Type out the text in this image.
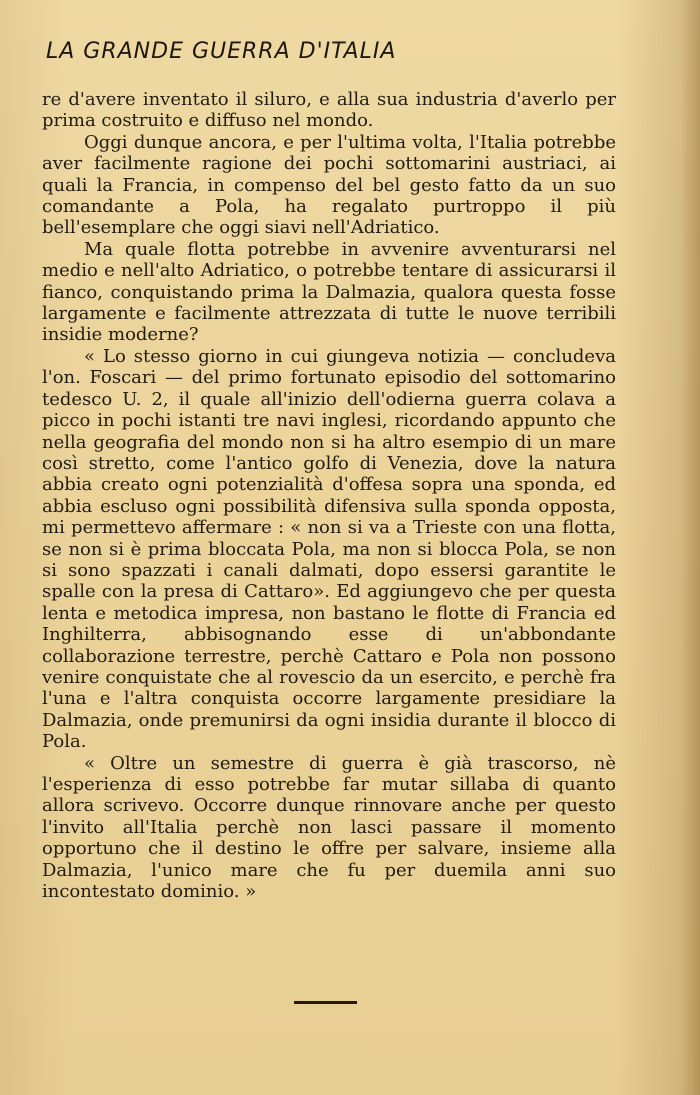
LA GRANDE GUERRA D'ITALIA

re d'avere inventato il siluro, e alla sua industria d'averlo per prima costruito e diffuso nel mondo.

Oggi dunque ancora, e per l'ultima volta, l'Italia potrebbe aver facilmente ragione dei pochi sottomarini austriaci, ai quali la Francia, in compenso del bel gesto fatto da un suo comandante a Pola, ha regalato purtroppo il più bell'esemplare che oggi siavi nell'Adriatico.

Ma quale flotta potrebbe in avvenire avventurarsi nel medio e nell'alto Adriatico, o potrebbe tentare di assicurarsi il fianco, conquistando prima la Dalmazia, qualora questa fosse largamente e facilmente attrezzata di tutte le nuove terribili insidie moderne?

« Lo stesso giorno in cui giungeva notizia — concludeva l'on. Foscari — del primo fortunato episodio del sottomarino tedesco U. 2, il quale all'inizio dell'odierna guerra colava a picco in pochi istanti tre navi inglesi, ricordando appunto che nella geografia del mondo non si ha altro esempio di un mare così stretto, come l'antico golfo di Venezia, dove la natura abbia creato ogni potenzialità d'offesa sopra una sponda, ed abbia escluso ogni possibilità difensiva sulla sponda opposta, mi permettevo affermare : « non si va a Trieste con una flotta, se non si è prima bloccata Pola, ma non si blocca Pola, se non si sono spazzati i canali dalmati, dopo essersi garantite le spalle con la presa di Cattaro». Ed aggiungevo che per questa lenta e metodica impresa, non bastano le flotte di Francia ed Inghilterra, abbisognando esse di un'abbondante collaborazione terrestre, perchè Cattaro e Pola non possono venire conquistate che al rovescio da un esercito, e perchè fra l'una e l'altra conquista occorre largamente presidiare la Dalmazia, onde premunirsi da ogni insidia durante il blocco di Pola.

« Oltre un semestre di guerra è già trascorso, nè l'esperienza di esso potrebbe far mutar sillaba di quanto allora scrivevo. Occorre dunque rinnovare anche per questo l'invito all'Italia perchè non lasci passare il momento opportuno che il destino le offre per salvare, insieme alla Dalmazia, l'unico mare che fu per duemila anni suo incontestato dominio. »
